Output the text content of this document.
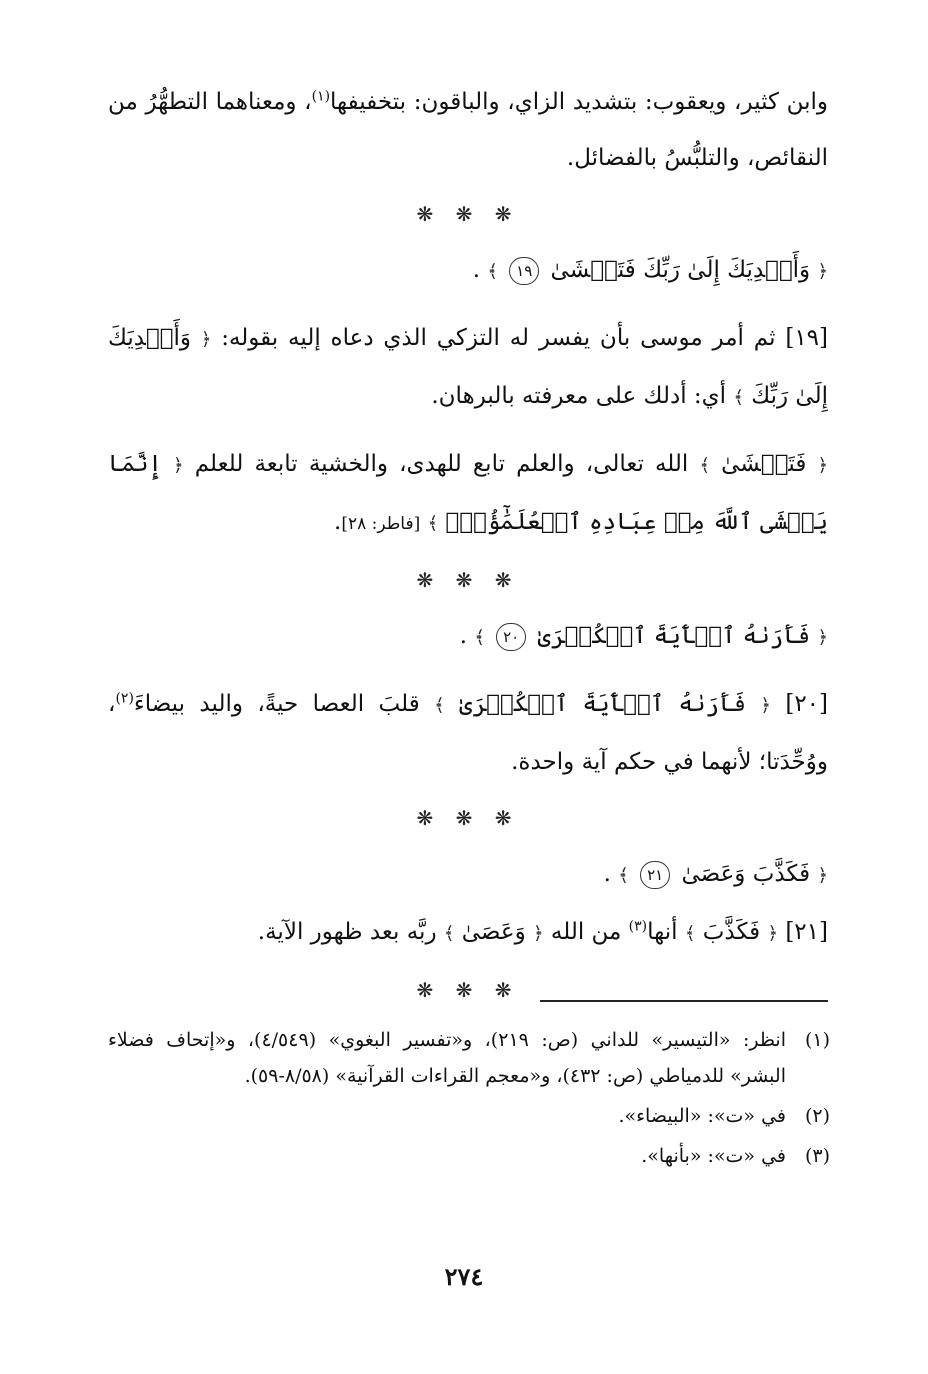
وابن كثير، ويعقوب: بتشديد الزاي، والباقون: بتخفيفها$^{(١)}$، ومعناهما التطهُّرُ من النقائص، والتلبُّسُ بالفضائل.

❋ ❋ ❋

﴿ وَأَهۡدِيَكَ إِلَىٰ رَبِّكَ فَتَخۡشَىٰ ١٩ ﴾ .

[١٩] ثم أمر موسى بأن يفسر له التزكي الذي دعاه إليه بقوله: ﴿ وَأَهۡدِيَكَ إِلَىٰ رَبِّكَ ﴾ أي: أدلك على معرفته بالبرهان.

﴿ فَتَخۡشَىٰ ﴾ الله تعالى، والعلم تابع للهدى، والخشية تابعة للعلم ﴿ إِنَّمَا يَخۡشَى ٱللَّهَ مِنۡ عِبَادِهِ ٱلۡعُلَمَٰٓؤُاْۗ ﴾ [فاطر: ٢٨].

❋ ❋ ❋

﴿ فَأَرَىٰهُ ٱلۡأٓيَةَ ٱلۡكُبۡرَىٰ ٢٠ ﴾ .

[٢٠] ﴿ فَأَرَىٰهُ ٱلۡأٓيَةَ ٱلۡكُبۡرَىٰ ﴾ قلبَ العصا حيةً، واليد بيضاءَ$^{(٢)}$، ووُحِّدَتا؛ لأنهما في حكم آية واحدة.

❋ ❋ ❋

﴿ فَكَذَّبَ وَعَصَىٰ ٢١ ﴾ .

[٢١] ﴿ فَكَذَّبَ ﴾ أنها$^{(٣)}$ من الله ﴿ وَعَصَىٰ ﴾ ربَّه بعد ظهور الآية.

❋ ❋ ❋
(١)
انظر: «التيسير» للداني (ص: ٢١٩)، و«تفسير البغوي» (٤/٥٤٩)، و«إتحاف فضلاء البشر» للدمياطي (ص: ٤٣٢)، و«معجم القراءات القرآنية» (٨/٥٨-٥٩).
(٢)
في «ت»: «البيضاء».
(٣)
في «ت»: «بأنها».
٢٧٤
